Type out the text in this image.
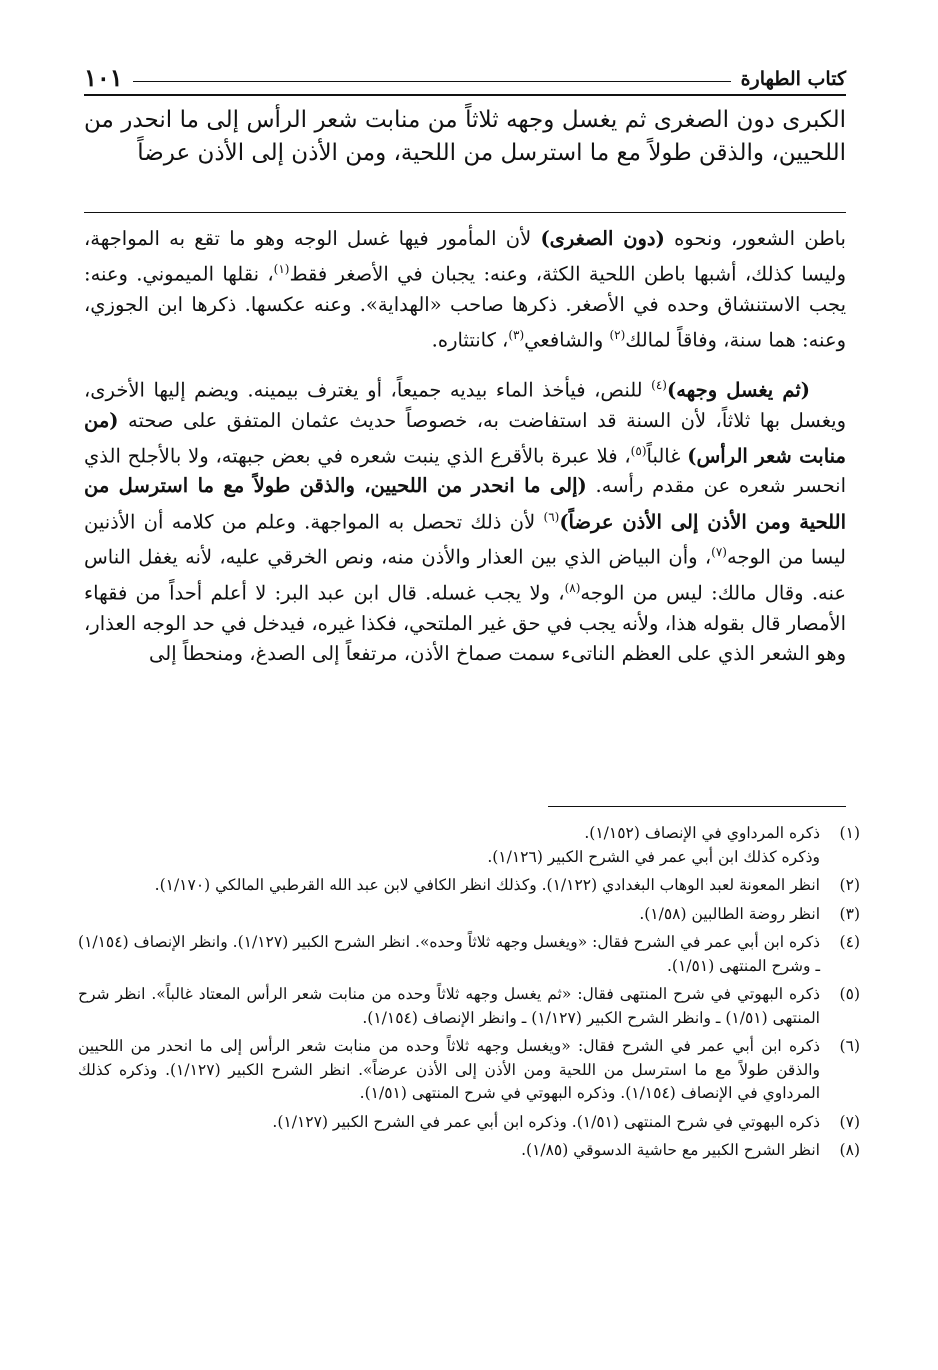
كتاب الطهارة
١٠١
الكبرى دون الصغرى ثم يغسل وجهه ثلاثاً من منابت شعر الرأس إلى ما انحدر من اللحيين، والذقن طولاً مع ما استرسل من اللحية، ومن الأذن إلى الأذن عرضاً

باطن الشعور، ونحوه (دون الصغرى) لأن المأمور فيها غسل الوجه وهو ما تقع به المواجهة، وليسا كذلك، أشبها باطن اللحية الكثة، وعنه: يجبان في الأصغر فقط$^{(١)}$، نقلها الميموني. وعنه: يجب الاستنشاق وحده في الأصغر. ذكرها صاحب «الهداية». وعنه عكسها. ذكرها ابن الجوزي، وعنه: هما سنة، وفاقاً لمالك$^{(٢)}$ والشافعي$^{(٣)}$، كانتثاره.

(ثم يغسل وجهه)$^{(٤)}$ للنص، فيأخذ الماء بيديه جميعاً، أو يغترف بيمينه. ويضم إليها الأخرى، ويغسل بها ثلاثاً، لأن السنة قد استفاضت به، خصوصاً حديث عثمان المتفق على صحته (من منابت شعر الرأس) غالباً$^{(٥)}$، فلا عبرة بالأقرع الذي ينبت شعره في بعض جبهته، ولا بالأجلح الذي انحسر شعره عن مقدم رأسه. (إلى ما انحدر من اللحيين، والذقن طولاً مع ما استرسل من اللحية ومن الأذن إلى الأذن عرضاً)$^{(٦)}$ لأن ذلك تحصل به المواجهة. وعلم من كلامه أن الأذنين ليسا من الوجه$^{(٧)}$، وأن البياض الذي بين العذار والأذن منه، ونص الخرقي عليه، لأنه يغفل الناس عنه. وقال مالك: ليس من الوجه$^{(٨)}$، ولا يجب غسله. قال ابن عبد البر: لا أعلم أحداً من فقهاء الأمصار قال بقوله هذا، ولأنه يجب في حق غير الملتحي، فكذا غيره، فيدخل في حد الوجه العذار، وهو الشعر الذي على العظم الناتىء سمت صماخ الأذن، مرتفعاً إلى الصدغ، ومنحطاً إلى

(١)
ذكره المرداوي في الإنصاف (١/١٥٢).
وذكره كذلك ابن أبي عمر في الشرح الكبير (١/١٢٦).
(٢)
انظر المعونة لعبد الوهاب البغدادي (١/١٢٢). وكذلك انظر الكافي لابن عبد الله القرطبي المالكي (١/١٧٠).
(٣)
انظر روضة الطالبين (١/٥٨).
(٤)
ذكره ابن أبي عمر في الشرح فقال: «ويغسل وجهه ثلاثاً وحده». انظر الشرح الكبير (١/١٢٧). وانظر الإنصاف (١/١٥٤) ـ وشرح المنتهى (١/٥١).
(٥)
ذكره البهوتي في شرح المنتهى فقال: «ثم يغسل وجهه ثلاثاً وحده من منابت شعر الرأس المعتاد غالباً». انظر شرح المنتهى (١/٥١) ـ وانظر الشرح الكبير (١/١٢٧) ـ وانظر الإنصاف (١/١٥٤).
(٦)
ذكره ابن أبي عمر في الشرح فقال: «ويغسل وجهه ثلاثاً وحده من منابت شعر الرأس إلى ما انحدر من اللحيين والذقن طولاً مع ما استرسل من اللحية ومن الأذن إلى الأذن عرضاً». انظر الشرح الكبير (١/١٢٧). وذكره كذلك المرداوي في الإنصاف (١/١٥٤). وذكره البهوتي في شرح المنتهى (١/٥١).
(٧)
ذكره البهوتي في شرح المنتهى (١/٥١). وذكره ابن أبي عمر في الشرح الكبير (١/١٢٧).
(٨)
انظر الشرح الكبير مع حاشية الدسوقي (١/٨٥).
